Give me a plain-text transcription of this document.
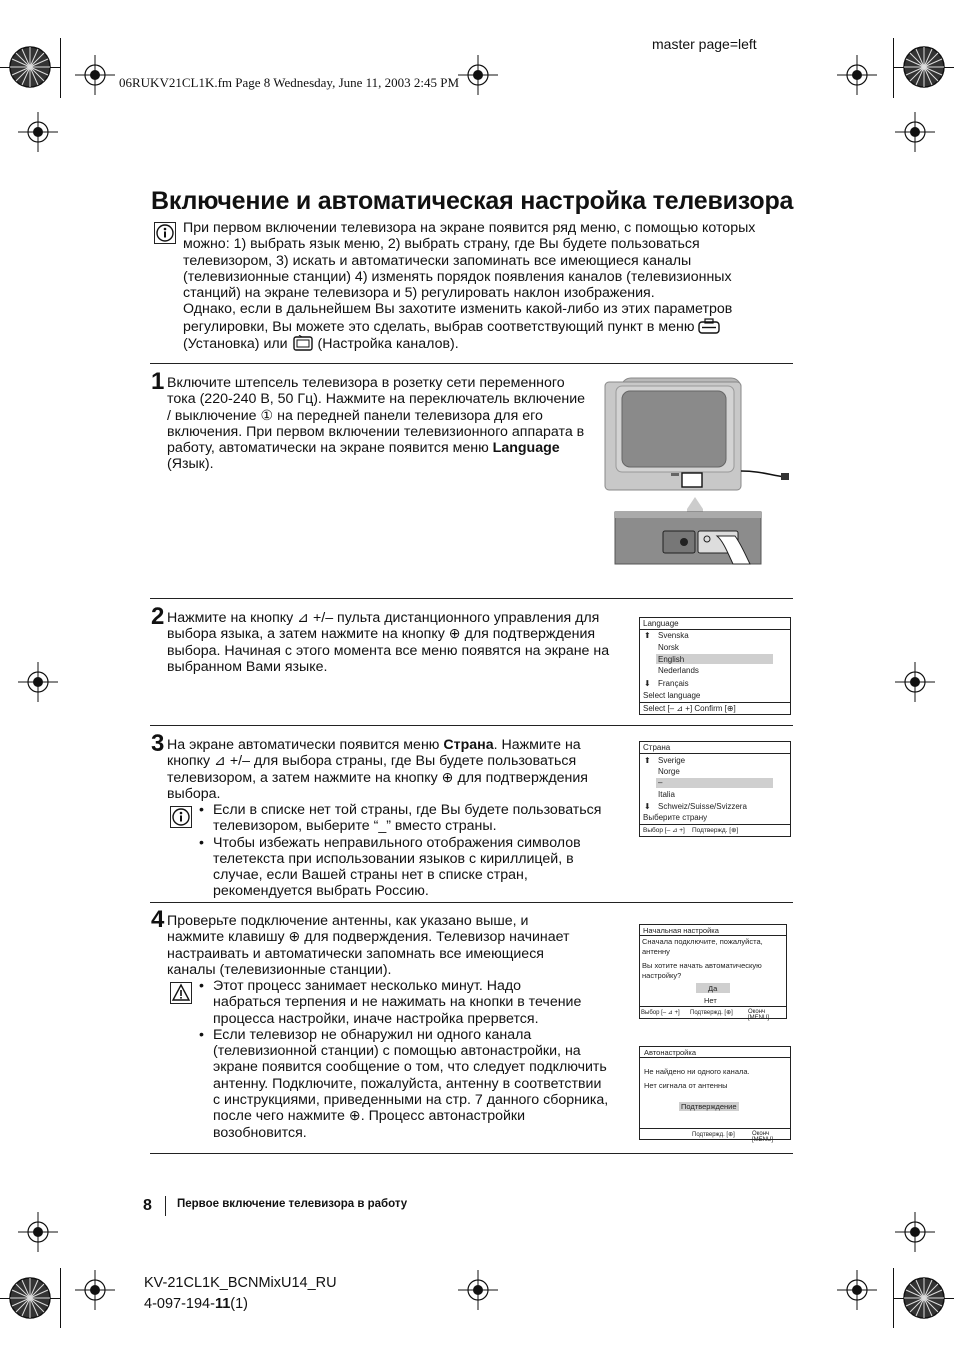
06RUKV21CL1K.fm Page 8 Wednesday, June 11, 2003 2:45 PM
master page=left
Включение и автоматическая настройка телевизора
При первом включении телевизора на экране появится ряд меню, с помощью которых
можно: 1) выбрать язык меню, 2) выбрать страну, где Вы будете пользоваться
телевизором, 3) искать и автоматически запоминать все имеющиеся каналы
(телевизионные станции) 4) изменять порядок появления каналов (телевизионных
станций) на экране телевизора и 5) регулировать наклон изображения.
Однако, если в дальнейшем Вы захотите изменить какой-либо из этих параметров
регулировки, Вы можете это сделать, выбрав соответствующий пункт в меню
(Установка) или (Настройка каналов).
1 Включите штепсель телевизора в розетку сети переменного
тока (220-240 В, 50 Гц). Нажмите на переключатель включение
/ выключение ① на передней панели телевизора для его
включения. При первом включении телевизионного аппарата в
работу, автоматически на экране появится меню Language
(Язык).
2 Нажмите на кнопку ⊿ +/– пульта дистанционного управления для
выбора языка, а затем нажмите на кнопку ⊕ для подтверждения
выбора. Начиная с этого момента все меню появятся на экране на
выбранном Вами языке.
Language
Svenska
Norsk
English
Nederlands
Français
⬆
⬇
Select language
Select [– ⊿ +] Confirm [⊕]
3 На экране автоматически появится меню Страна. Нажмите на
кнопку ⊿ +/– для выбора страны, где Вы будете пользоваться
телевизором, а затем нажмите на кнопку ⊕ для подтверждения
выбора.
• Если в списке нет той страны, где Вы будете пользоваться
телевизором, выберите “_” вместо страны.
• Чтобы избежать неправильного отображения символов
телетекста при использовании языков с кириллицей, в
случае, если Вашей страны нет в списке стран,
рекомендуется выбрать Россию.
Страна
Sverige
Norge
–
Italia
Schweiz/Suisse/Svizzera
⬆
⬇
Выберите страну
Выбор [– ⊿ +]	Подтвержд. [⊕]
4 Проверьте подключение антенны, как указано выше, и
нажмите клавишу ⊕ для подверждения. Телевизор начинает
настраивать и автоматически запомнать все имеющиеся
каналы (телевизионные станции).
• Этот процесс занимает несколько минут. Надо
набраться терпения и не нажимать на кнопки в течение
процесса настройки, иначе настройка прервется.
• Если телевизор не обнаружил ни одного канала
(телевизионной станции) с помощью автонастройки, на
экране появится сообщение о том, что следует подключить
антенну. Подключите, пожалуйста, антенну в соответствии
с инструкциями, приведенными на стр. 7 данного сборника,
после чего нажмите ⊕. Процесс автонастройки
возобновится.
Начальная настройка
Сначала подключите, пожалуйста,
антенну
Вы хотите начать автоматическую
настройку?
Да
Нет
Выбор [– ⊿ +]	Подтвержд. [⊕]	Оконч [MENU]
Автонастройка
Не найдено ни одного канала.
Нет сигнала от антенны
Подтверждение
Подтвержд. [⊕]	Оконч [MENU]
8 Первое включение телевизора в работу
KV-21CL1K_BCNMixU14_RU
4-097-194-11(1)
